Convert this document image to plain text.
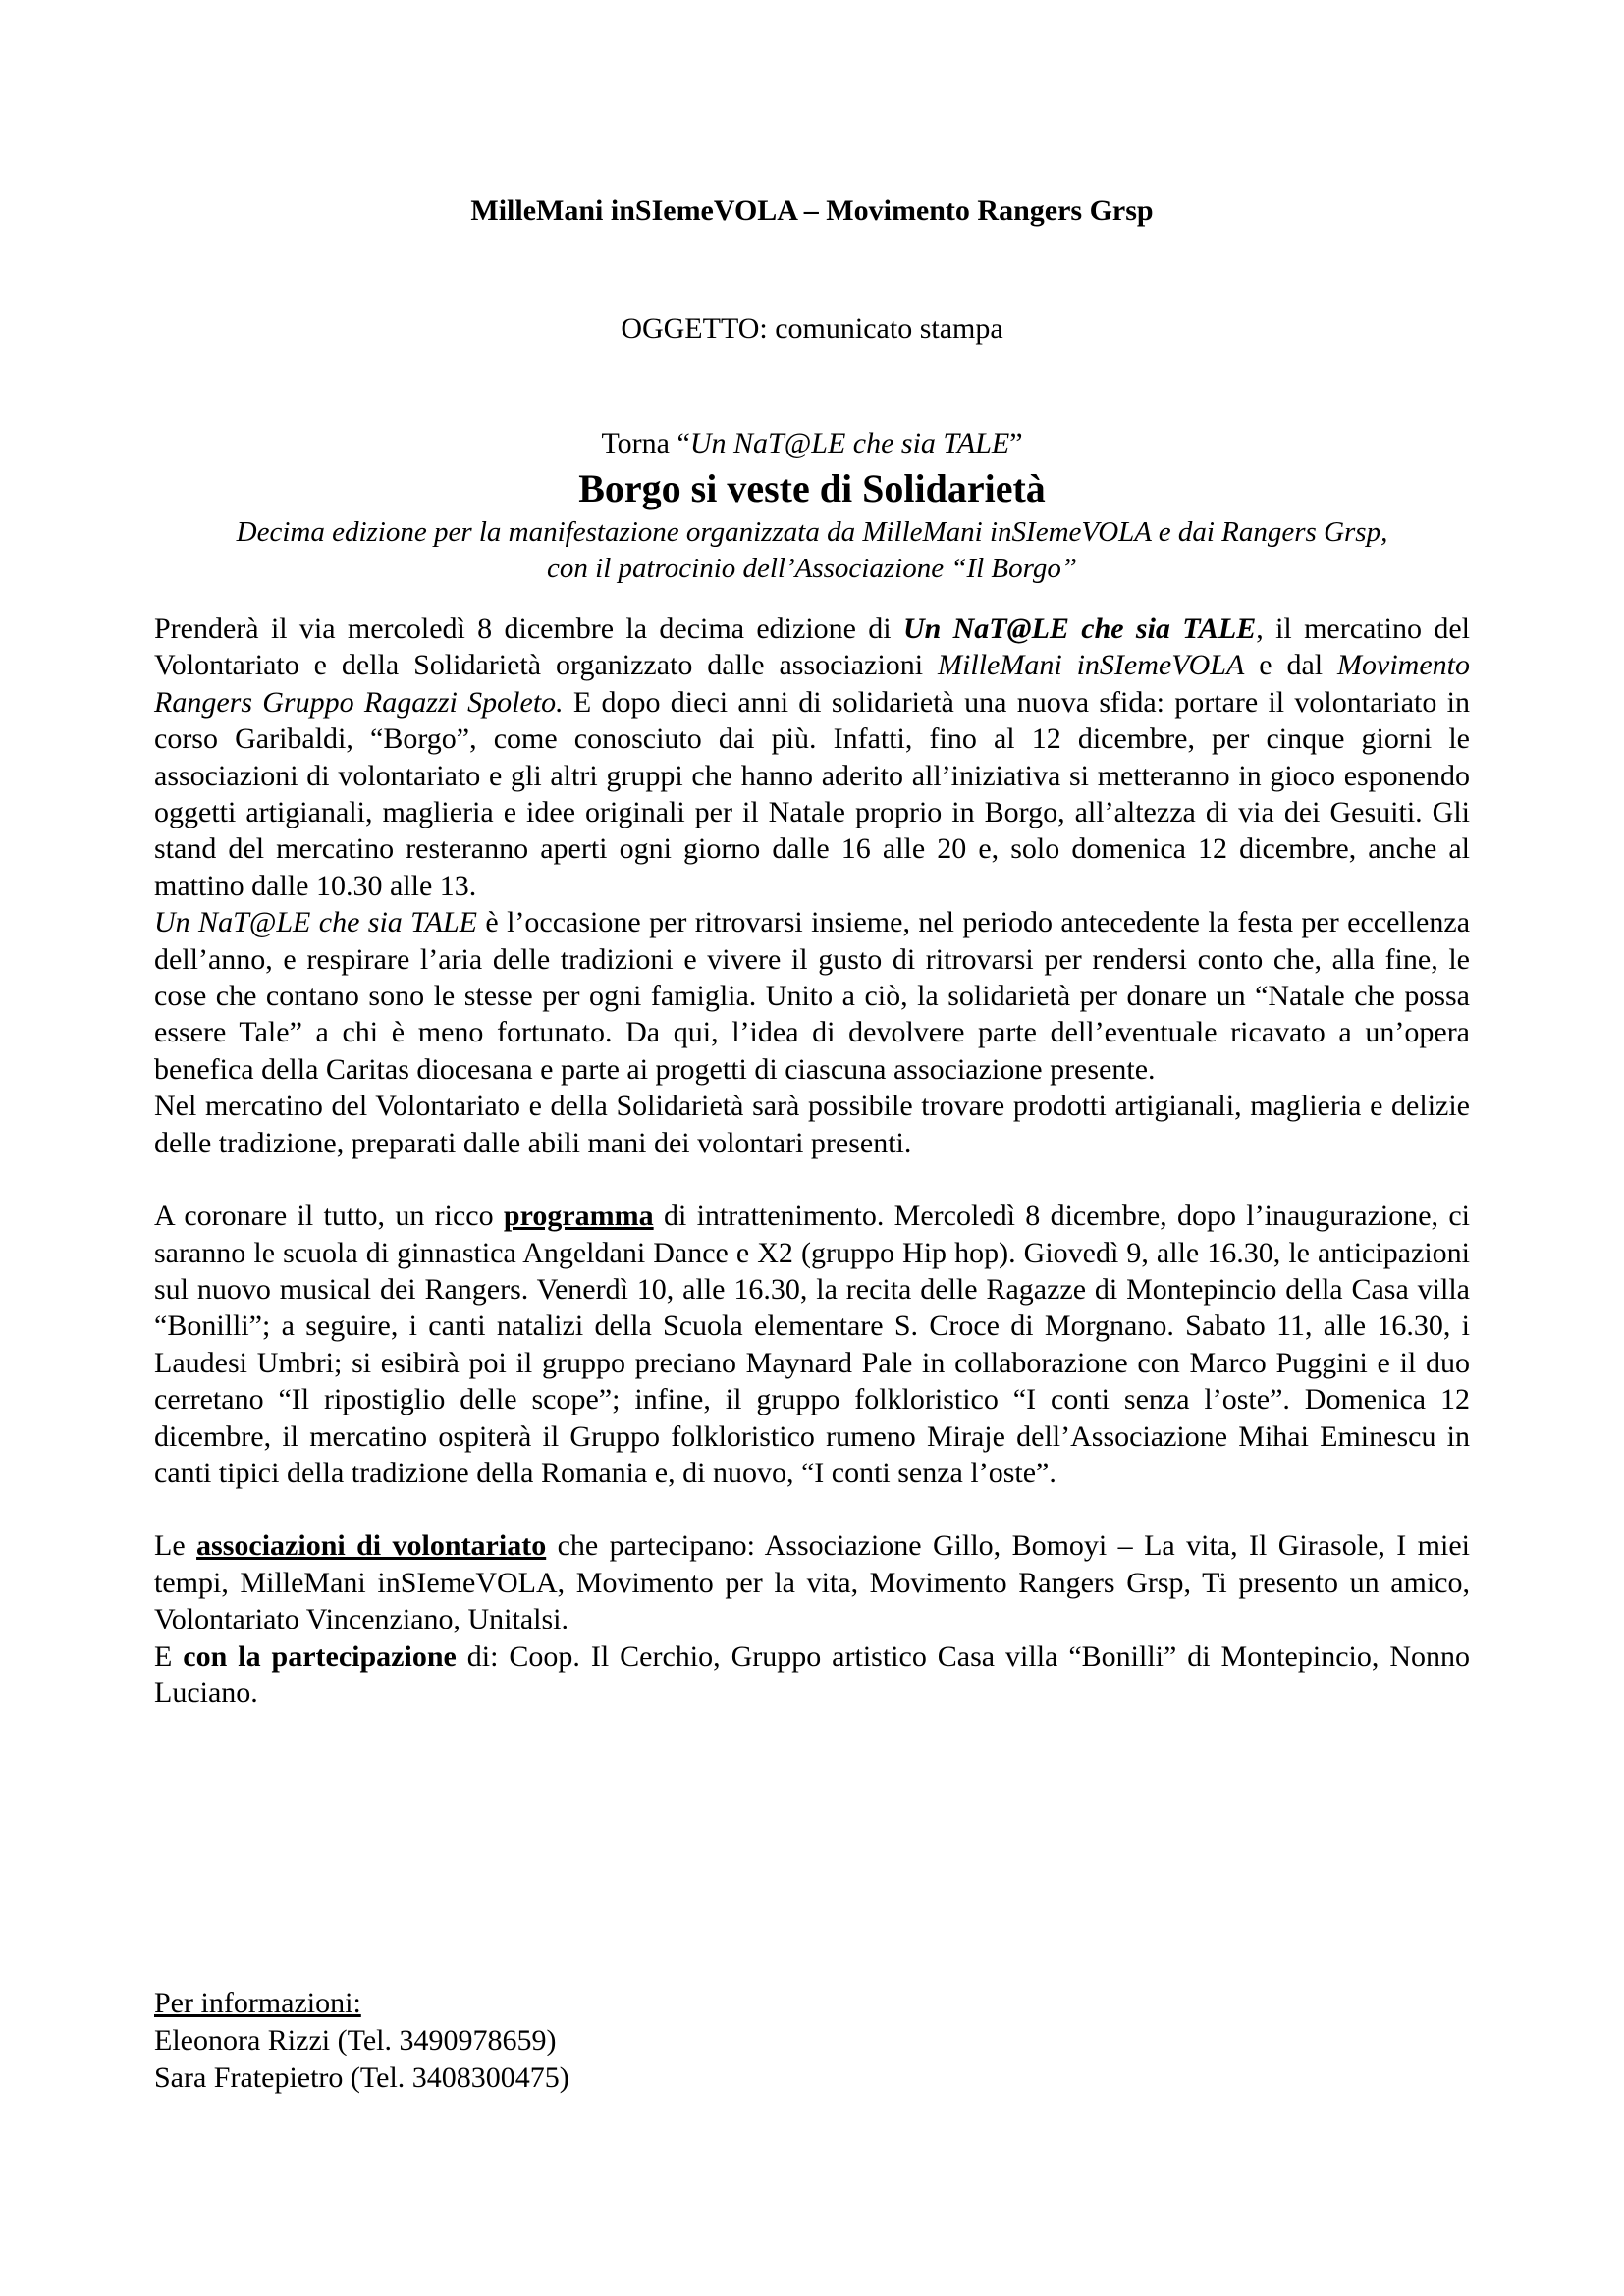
MilleMani inSIemeVOLA – Movimento Rangers Grsp
OGGETTO: comunicato stampa
Torna “Un NaT@LE che sia TALE”
Borgo si veste di Solidarietà
Decima edizione per la manifestazione organizzata da MilleMani inSIemeVOLA e dai Rangers Grsp,
con il patrocinio dell’Associazione “Il Borgo”

Prenderà il via mercoledì 8 dicembre la decima edizione di Un NaT@LE che sia TALE, il mercatino del Volontariato e della Solidarietà organizzato dalle associazioni MilleMani inSIemeVOLA e dal Movimento Rangers Gruppo Ragazzi Spoleto. E dopo dieci anni di solidarietà una nuova sfida: portare il volontariato in corso Garibaldi, “Borgo”, come conosciuto dai più. Infatti, fino al 12 dicembre, per cinque giorni le associazioni di volontariato e gli altri gruppi che hanno aderito all’iniziativa si metteranno in gioco esponendo oggetti artigianali, maglieria e idee originali per il Natale proprio in Borgo, all’altezza di via dei Gesuiti. Gli stand del mercatino resteranno aperti ogni giorno dalle 16 alle 20 e, solo domenica 12 dicembre, anche al mattino dalle 10.30 alle 13.

Un NaT@LE che sia TALE è l’occasione per ritrovarsi insieme, nel periodo antecedente la festa per eccellenza dell’anno, e respirare l’aria delle tradizioni e vivere il gusto di ritrovarsi per rendersi conto che, alla fine, le cose che contano sono le stesse per ogni famiglia. Unito a ciò, la solidarietà per donare un “Natale che possa essere Tale” a chi è meno fortunato. Da qui, l’idea di devolvere parte dell’eventuale ricavato a un’opera benefica della Caritas diocesana e parte ai progetti di ciascuna associazione presente.

Nel mercatino del Volontariato e della Solidarietà sarà possibile trovare prodotti artigianali, maglieria e delizie delle tradizione, preparati dalle abili mani dei volontari presenti.

A coronare il tutto, un ricco programma di intrattenimento. Mercoledì 8 dicembre, dopo l’inaugurazione, ci saranno le scuola di ginnastica Angeldani Dance e X2 (gruppo Hip hop). Giovedì 9, alle 16.30, le anticipazioni sul nuovo musical dei Rangers. Venerdì 10, alle 16.30, la recita delle Ragazze di Montepincio della Casa villa “Bonilli”; a seguire, i canti natalizi della Scuola elementare S. Croce di Morgnano. Sabato 11, alle 16.30, i Laudesi Umbri; si esibirà poi il gruppo preciano Maynard Pale in collaborazione con Marco Puggini e il duo cerretano “Il ripostiglio delle scope”; infine, il gruppo folkloristico “I conti senza l’oste”. Domenica 12 dicembre, il mercatino ospiterà il Gruppo folkloristico rumeno Miraje dell’Associazione Mihai Eminescu in canti tipici della tradizione della Romania e, di nuovo, “I conti senza l’oste”.

Le associazioni di volontariato che partecipano: Associazione Gillo, Bomoyi – La vita, Il Girasole, I miei tempi, MilleMani inSIemeVOLA, Movimento per la vita, Movimento Rangers Grsp, Ti presento un amico, Volontariato Vincenziano, Unitalsi.

E con la partecipazione di: Coop. Il Cerchio, Gruppo artistico Casa villa “Bonilli” di Montepincio, Nonno Luciano.

Per informazioni:
Eleonora Rizzi (Tel. 3490978659)
Sara Fratepietro (Tel. 3408300475)
